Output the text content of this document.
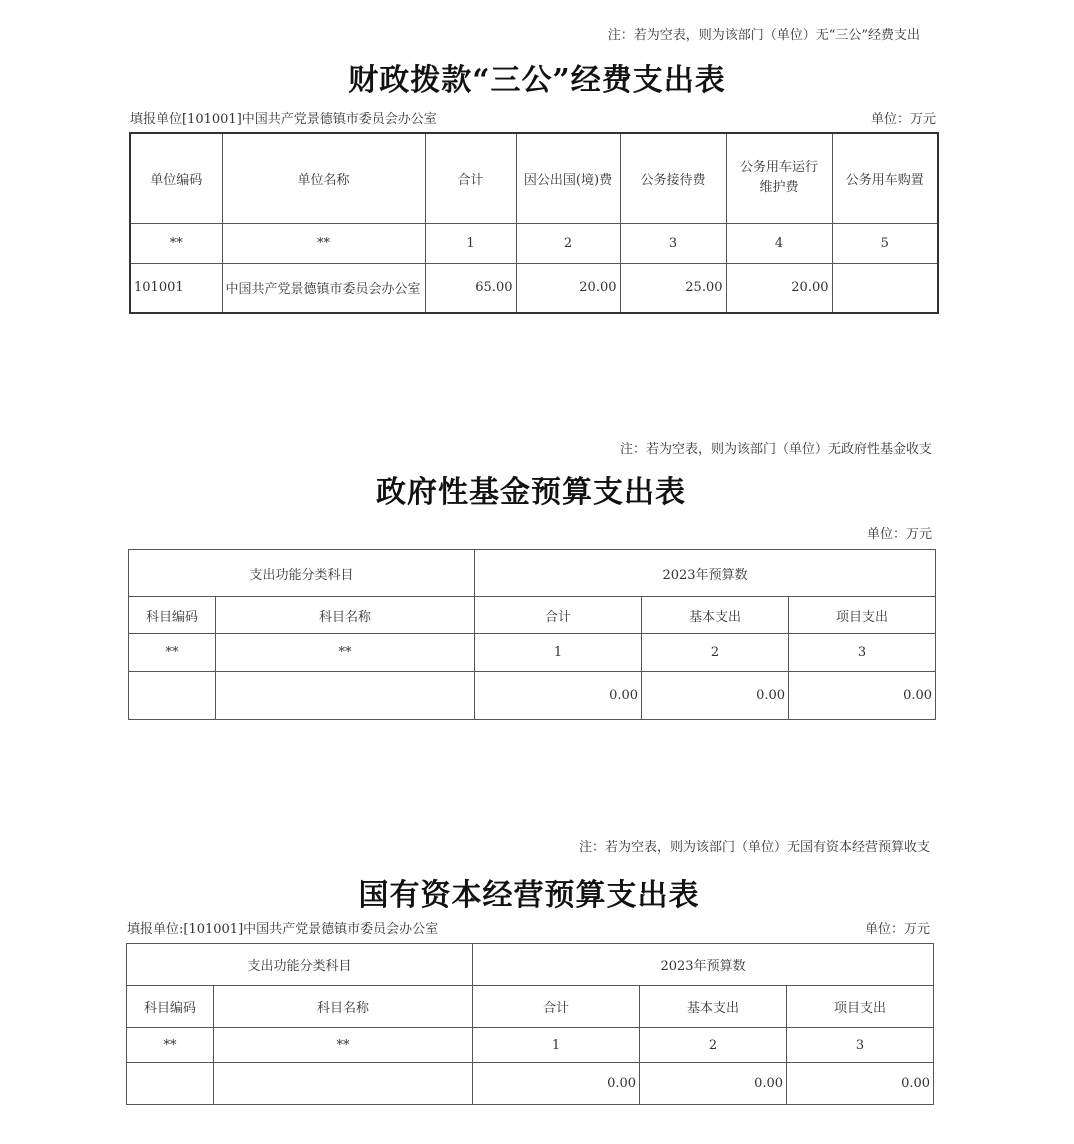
注：若为空表，则为该部门（单位）无“三公”经费支出
财政拨款“三公”经费支出表
填报单位[101001]中国共产党景德镇市委员会办公室	单位：万元
单位编码	单位名称	合计	因公出国(境)费	公务接待费	公务用车运行维护费	公务用车购置
**	**	1	2	3	4	5
101001	中国共产党景德镇市委员会办公室	65.00	20.00	25.00	20.00	
注：若为空表，则为该部门（单位）无政府性基金收支
政府性基金预算支出表
单位：万元
支出功能分类科目		2023年预算数		
科目编码	科目名称	合计	基本支出	项目支出
**	**	1	2	3
		0.00	0.00	0.00
注：若为空表，则为该部门（单位）无国有资本经营预算收支
国有资本经营预算支出表
填报单位:[101001]中国共产党景德镇市委员会办公室	单位：万元
支出功能分类科目		2023年预算数		
科目编码	科目名称	合计	基本支出	项目支出
**	**	1	2	3
		0.00	0.00	0.00
